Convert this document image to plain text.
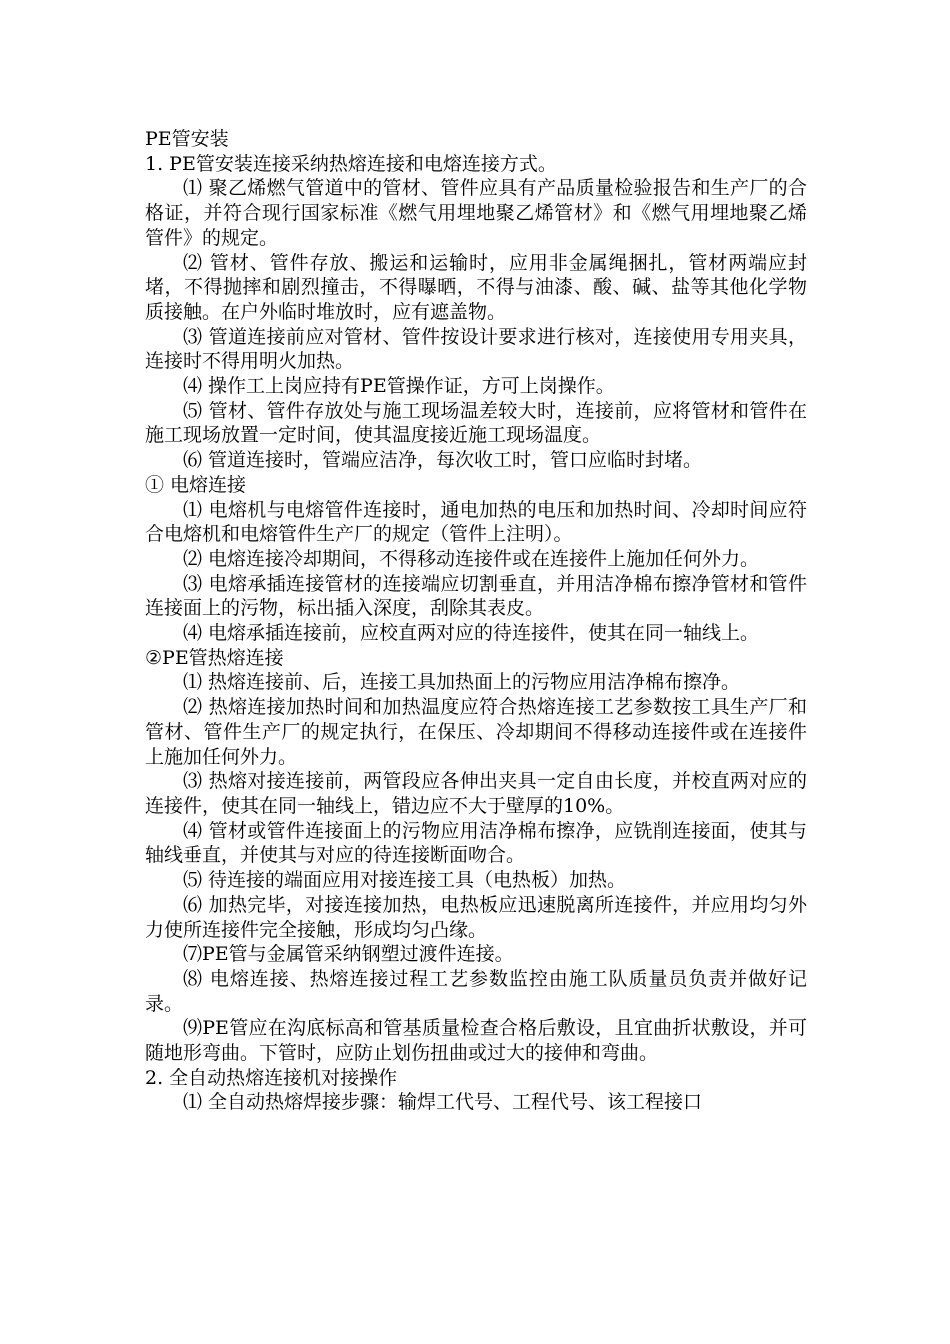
PE管安装

1. PE管安装连接采纳热熔连接和电熔连接方式。

⑴ 聚乙烯燃气管道中的管材、管件应具有产品质量检验报告和生产厂的合格证，并符合现行国家标准《燃气用埋地聚乙烯管材》和《燃气用埋地聚乙烯管件》的规定。

⑵ 管材、管件存放、搬运和运输时，应用非金属绳捆扎，管材两端应封堵，不得抛摔和剧烈撞击，不得曝晒，不得与油漆、酸、碱、盐等其他化学物质接触。在户外临时堆放时，应有遮盖物。

⑶ 管道连接前应对管材、管件按设计要求进行核对，连接使用专用夹具，连接时不得用明火加热。

⑷ 操作工上岗应持有PE管操作证，方可上岗操作。

⑸ 管材、管件存放处与施工现场温差较大时，连接前，应将管材和管件在施工现场放置一定时间，使其温度接近施工现场温度。

⑹ 管道连接时，管端应洁净，每次收工时，管口应临时封堵。

① 电熔连接

⑴ 电熔机与电熔管件连接时，通电加热的电压和加热时间、冷却时间应符合电熔机和电熔管件生产厂的规定（管件上注明）。

⑵ 电熔连接冷却期间，不得移动连接件或在连接件上施加任何外力。

⑶ 电熔承插连接管材的连接端应切割垂直，并用洁净棉布擦净管材和管件连接面上的污物，标出插入深度，刮除其表皮。

⑷ 电熔承插连接前，应校直两对应的待连接件，使其在同一轴线上。

②PE管热熔连接

⑴ 热熔连接前、后，连接工具加热面上的污物应用洁净棉布擦净。

⑵ 热熔连接加热时间和加热温度应符合热熔连接工艺参数按工具生产厂和管材、管件生产厂的规定执行，在保压、冷却期间不得移动连接件或在连接件上施加任何外力。

⑶ 热熔对接连接前，两管段应各伸出夹具一定自由长度，并校直两对应的连接件，使其在同一轴线上，错边应不大于壁厚的10%。

⑷ 管材或管件连接面上的污物应用洁净棉布擦净，应铣削连接面，使其与轴线垂直，并使其与对应的待连接断面吻合。

⑸ 待连接的端面应用对接连接工具（电热板）加热。

⑹ 加热完毕，对接连接加热，电热板应迅速脱离所连接件，并应用均匀外力使所连接件完全接触，形成均匀凸缘。

⑺PE管与金属管采纳钢塑过渡件连接。

⑻ 电熔连接、热熔连接过程工艺参数监控由施工队质量员负责并做好记录。

⑼PE管应在沟底标高和管基质量检查合格后敷设，且宜曲折状敷设，并可随地形弯曲。下管时，应防止划伤扭曲或过大的接伸和弯曲。

2. 全自动热熔连接机对接操作

⑴ 全自动热熔焊接步骤：输焊工代号、工程代号、该工程接口
